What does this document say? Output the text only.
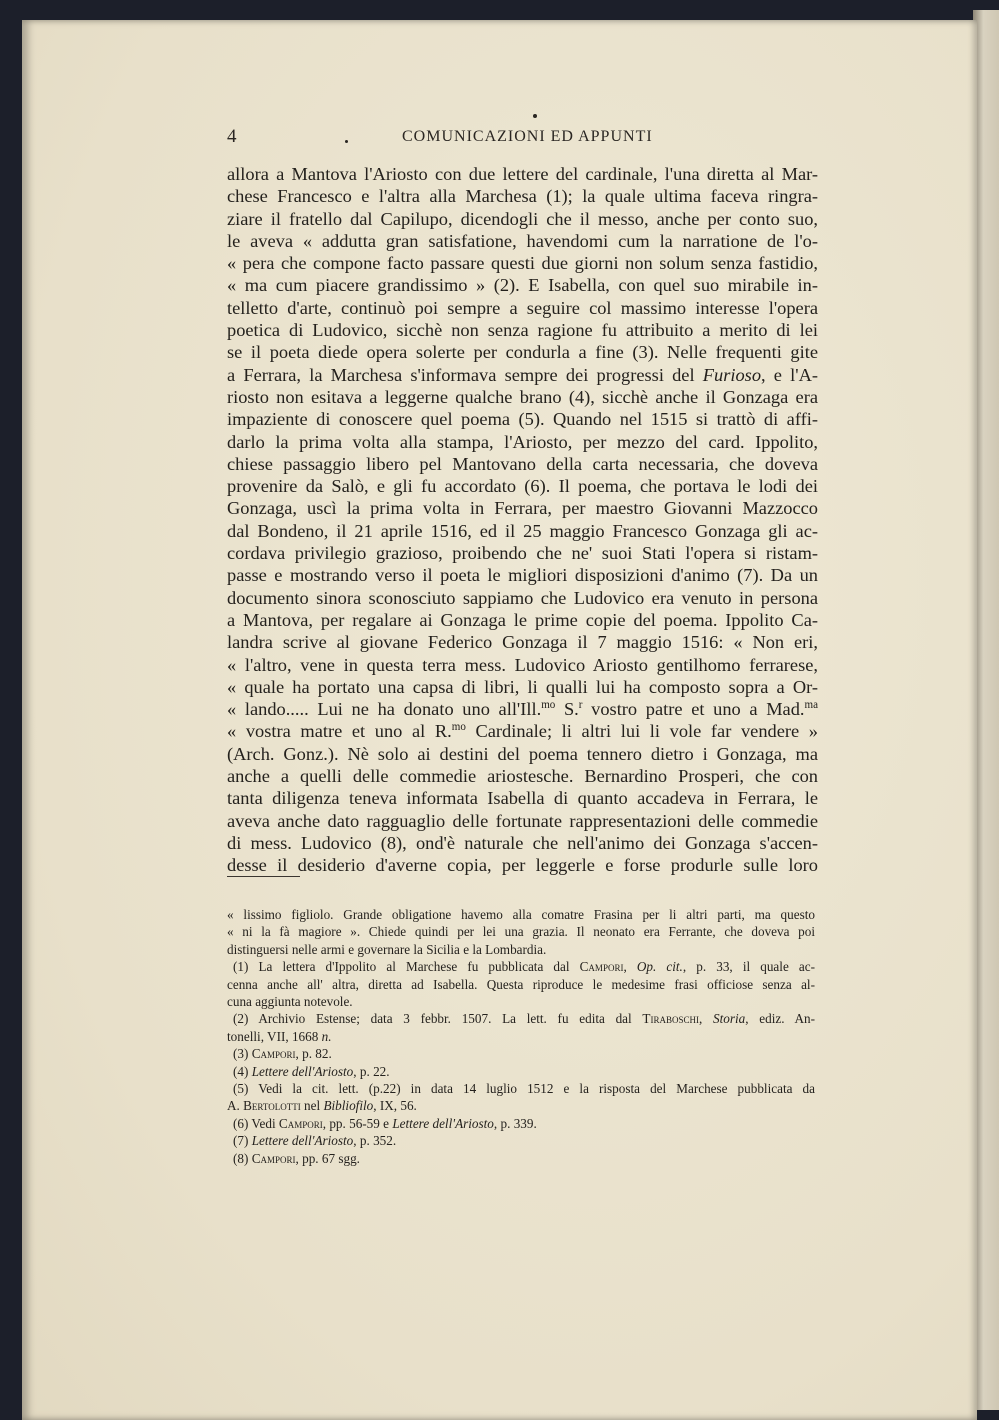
4	COMUNICAZIONI ED APPUNTI
allora a Mantova l'Ariosto con due lettere del cardinale, l'una diretta al Mar-
chese Francesco e l'altra alla Marchesa (1); la quale ultima faceva ringra-
ziare il fratello dal Capilupo, dicendogli che il messo, anche per conto suo,
le aveva « addutta gran satisfatione, havendomi cum la narratione de l'o-
« pera che compone facto passare questi due giorni non solum senza fastidio,
« ma cum piacere grandissimo » (2). E Isabella, con quel suo mirabile in-
telletto d'arte, continuò poi sempre a seguire col massimo interesse l'opera
poetica di Ludovico, sicchè non senza ragione fu attribuito a merito di lei
se il poeta diede opera solerte per condurla a fine (3). Nelle frequenti gite
a Ferrara, la Marchesa s'informava sempre dei progressi del Furioso, e l'A-
riosto non esitava a leggerne qualche brano (4), sicchè anche il Gonzaga era
impaziente di conoscere quel poema (5). Quando nel 1515 si trattò di affi-
darlo la prima volta alla stampa, l'Ariosto, per mezzo del card. Ippolito,
chiese passaggio libero pel Mantovano della carta necessaria, che doveva
provenire da Salò, e gli fu accordato (6). Il poema, che portava le lodi dei
Gonzaga, uscì la prima volta in Ferrara, per maestro Giovanni Mazzocco
dal Bondeno, il 21 aprile 1516, ed il 25 maggio Francesco Gonzaga gli ac-
cordava privilegio grazioso, proibendo che ne' suoi Stati l'opera si ristam-
passe e mostrando verso il poeta le migliori disposizioni d'animo (7). Da un
documento sinora sconosciuto sappiamo che Ludovico era venuto in persona
a Mantova, per regalare ai Gonzaga le prime copie del poema. Ippolito Ca-
landra scrive al giovane Federico Gonzaga il 7 maggio 1516: « Non eri,
« l'altro, vene in questa terra mess. Ludovico Ariosto gentilhomo ferrarese,
« quale ha portato una capsa di libri, li qualli lui ha composto sopra a Or-
« lando..... Lui ne ha donato uno all'Ill.$^{mo}$ S.$^r$ vostro patre et uno a Mad.$^{ma}$
« vostra matre et uno al R.$^{mo}$ Cardinale; li altri lui li vole far vendere »
(Arch. Gonz.). Nè solo ai destini del poema tennero dietro i Gonzaga, ma
anche a quelli delle commedie ariostesche. Bernardino Prosperi, che con
tanta diligenza teneva informata Isabella di quanto accadeva in Ferrara, le
aveva anche dato ragguaglio delle fortunate rappresentazioni delle commedie
di mess. Ludovico (8), ond'è naturale che nell'animo dei Gonzaga s'accen-
desse il desiderio d'averne copia, per leggerle e forse produrle sulle loro
« lissimo figliolo. Grande obligatione havemo alla comatre Frasina per li altri parti, ma questo
« ni la fà magiore ». Chiede quindi per lei una grazia. Il neonato era Ferrante, che doveva poi
distinguersi nelle armi e governare la Sicilia e la Lombardia.
(1) La lettera d'Ippolito al Marchese fu pubblicata dal Campori, Op. cit., p. 33, il quale ac-
cenna anche all' altra, diretta ad Isabella. Questa riproduce le medesime frasi officiose senza al-
cuna aggiunta notevole.
(2) Archivio Estense; data 3 febbr. 1507. La lett. fu edita dal Tiraboschi, Storia, ediz. An-
tonelli, VII, 1668 n.
(3) Campori, p. 82.
(4) Lettere dell'Ariosto, p. 22.
(5) Vedi la cit. lett. (p.22) in data 14 luglio 1512 e la risposta del Marchese pubblicata da
A. Bertolotti nel Bibliofilo, IX, 56.
(6) Vedi Campori, pp. 56-59 e Lettere dell'Ariosto, p. 339.
(7) Lettere dell'Ariosto, p. 352.
(8) Campori, pp. 67 sgg.
